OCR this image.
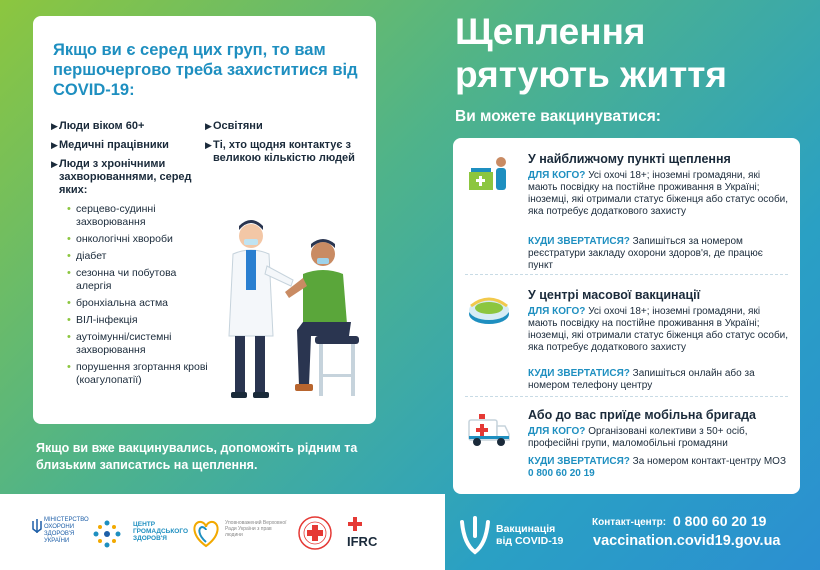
Якщо ви є серед цих груп, то вам першочергово треба захиститися від COVID-19:
▶ Люди віком 60+
▶ Медичні працівники
▶ Люди з хронічними захворюваннями, серед яких:
• серцево-судинні захворювання
• онкологічні хвороби
• діабет
• сезонна чи побутова алергія
• бронхіальна астма
• ВІЛ-інфекція
• аутоімунні/системні захворювання
• порушення згортання крові (коагулопатії)
▶ Освітяни
▶ Ті, хто щодня контактує з великою кількістю людей
Якщо ви вже вакцинувались, допоможіть рідним та близьким записатись на щеплення.
Щеплення рятують життя
Ви можете вакцинуватися:
У найближчому пункті щеплення
ДЛЯ КОГО? Усі охочі 18+; іноземні громадяни, які мають посвідку на постійне проживання в Україні; іноземці, які отримали статус біженця або статус особи, яка потребує додаткового захисту
КУДИ ЗВЕРТАТИСЯ? Запишіться за номером реєстратури закладу охорони здоров'я, де працює пункт
У центрі масової вакцинації
ДЛЯ КОГО? Усі охочі 18+; іноземні громадяни, які мають посвідку на постійне проживання в Україні; іноземці, які отримали статус біженця або статус особи, яка потребує додаткового захисту
КУДИ ЗВЕРТАТИСЯ? Запишіться онлайн або за номером телефону центру
Або до вас приїде мобільна бригада
ДЛЯ КОГО? Організовані колективи з 50+ осіб, професійні групи, маломобільні громадяни
КУДИ ЗВЕРТАТИСЯ? За номером контакт-центру МОЗ 0 800 60 20 19
МІНІСТЕРСТВО ОХОРОНИ ЗДОРОВ'Я УКРАЇНИ
ЦЕНТР ГРОМАДСЬКОГО ЗДОРОВ'Я
Уповноважений Верховної Ради України з прав людини	IFRC
Вакцинація
від COVID-19
Контакт-центр: 0 800 60 20 19
vaccination.covid19.gov.ua
